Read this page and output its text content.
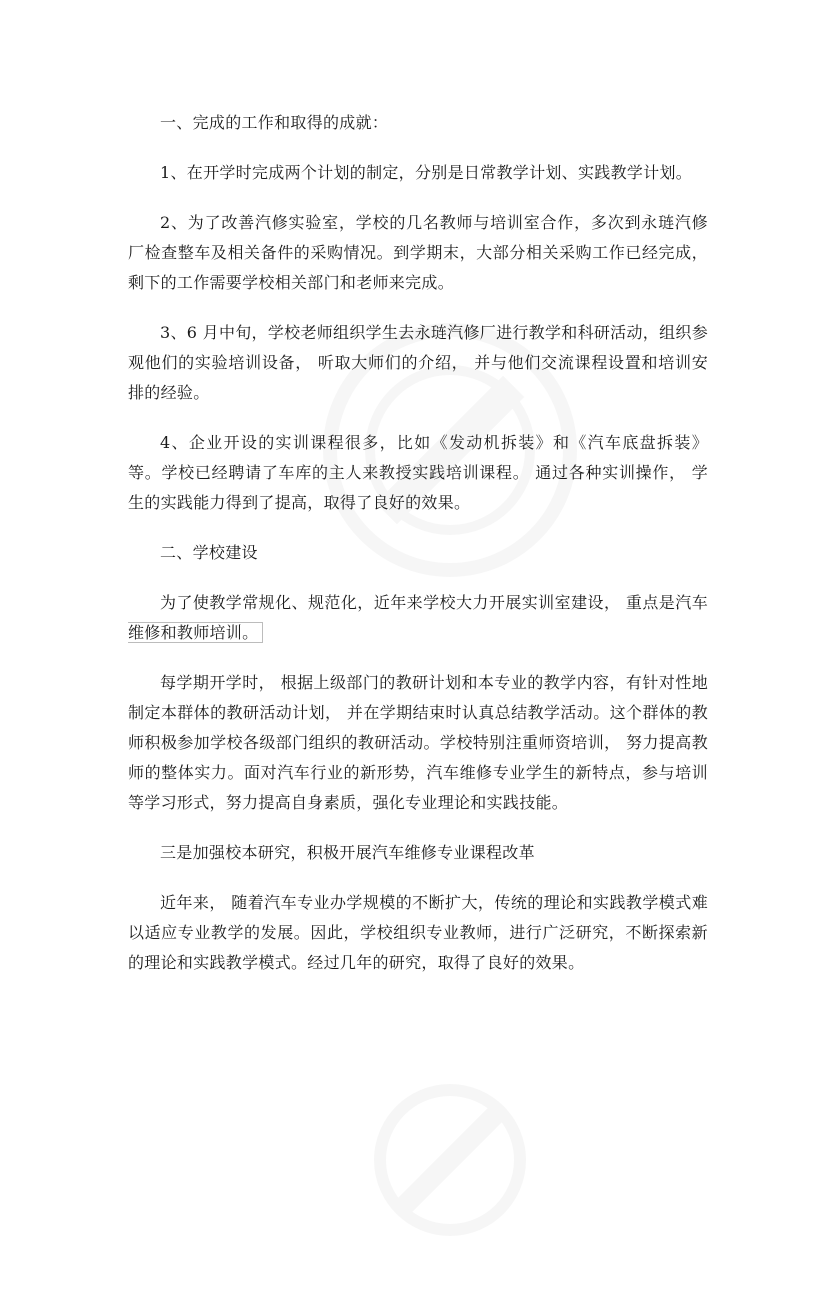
一、完成的工作和取得的成就：

1、在开学时完成两个计划的制定，分别是日常教学计划、实践教学计划。

2、为了改善汽修实验室，学校的几名教师与培训室合作，多次到永琏汽修厂检查整车及相关备件的采购情况。到学期末，大部分相关采购工作已经完成，剩下的工作需要学校相关部门和老师来完成。

3、6 月中旬，学校老师组织学生去永琏汽修厂进行教学和科研活动，组织参观他们的实验培训设备， 听取大师们的介绍， 并与他们交流课程设置和培训安排的经验。

4、企业开设的实训课程很多，比如《发动机拆装》和《汽车底盘拆装》等。学校已经聘请了车库的主人来教授实践培训课程。 通过各种实训操作， 学生的实践能力得到了提高，取得了良好的效果。

二、学校建设

为了使教学常规化、规范化，近年来学校大力开展实训室建设， 重点是汽车维修和教师培训。

每学期开学时， 根据上级部门的教研计划和本专业的教学内容，有针对性地制定本群体的教研活动计划， 并在学期结束时认真总结教学活动。这个群体的教师积极参加学校各级部门组织的教研活动。学校特别注重师资培训， 努力提高教师的整体实力。面对汽车行业的新形势，汽车维修专业学生的新特点，参与培训等学习形式，努力提高自身素质，强化专业理论和实践技能。

三是加强校本研究，积极开展汽车维修专业课程改革

近年来， 随着汽车专业办学规模的不断扩大，传统的理论和实践教学模式难以适应专业教学的发展。因此，学校组织专业教师，进行广泛研究，不断探索新的理论和实践教学模式。经过几年的研究，取得了良好的效果。
